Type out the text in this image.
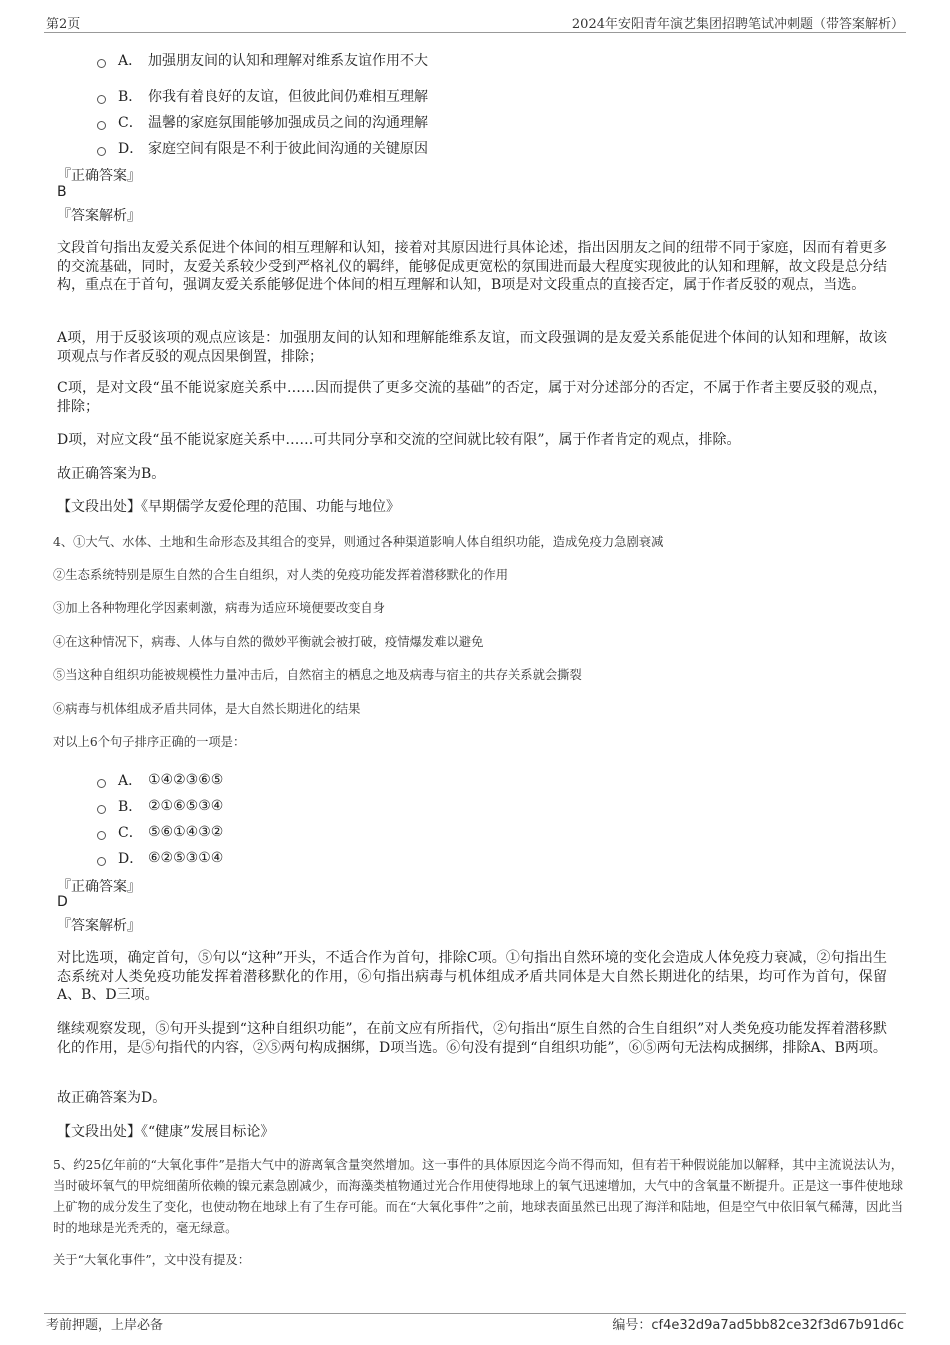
第2页	2024年安阳青年演艺集团招聘笔试冲刺题（带答案解析）
A． 加强朋友间的认知和理解对维系友谊作用不大
B． 你我有着良好的友谊，但彼此间仍难相互理解
C． 温馨的家庭氛围能够加强成员之间的沟通理解
D． 家庭空间有限是不利于彼此间沟通的关键原因
『正确答案』
B
『答案解析』

文段首句指出友爱关系促进个体间的相互理解和认知，接着对其原因进行具体论述，指出因朋友之间的纽带不同于家庭，因而有着更多的交流基础，同时，友爱关系较少受到严格礼仪的羁绊，能够促成更宽松的氛围进而最大程度实现彼此的认知和理解，故文段是总分结构，重点在于首句，强调友爱关系能够促进个体间的相互理解和认知，B项是对文段重点的直接否定，属于作者反驳的观点，当选。

A项，用于反驳该项的观点应该是：加强朋友间的认知和理解能维系友谊，而文段强调的是友爱关系能促进个体间的认知和理解，故该项观点与作者反驳的观点因果倒置，排除；

C项，是对文段“虽不能说家庭关系中……因而提供了更多交流的基础”的否定，属于对分述部分的否定，不属于作者主要反驳的观点，排除；

D项，对应文段“虽不能说家庭关系中……可共同分享和交流的空间就比较有限”，属于作者肯定的观点，排除。

故正确答案为B。

【文段出处】《早期儒学友爱伦理的范围、功能与地位》

4、①大气、水体、土地和生命形态及其组合的变异，则通过各种渠道影响人体自组织功能，造成免疫力急剧衰减

②生态系统特别是原生自然的合生自组织，对人类的免疫功能发挥着潜移默化的作用

③加上各种物理化学因素刺激，病毒为适应环境便要改变自身

④在这种情况下，病毒、人体与自然的微妙平衡就会被打破，疫情爆发难以避免

⑤当这种自组织功能被规模性力量冲击后，自然宿主的栖息之地及病毒与宿主的共存关系就会撕裂

⑥病毒与机体组成矛盾共同体，是大自然长期进化的结果

对以上6个句子排序正确的一项是：

A． ①④②③⑥⑤
B． ②①⑥⑤③④
C． ⑤⑥①④③②
D． ⑥②⑤③①④
『正确答案』
D
『答案解析』

对比选项，确定首句，⑤句以“这种”开头，不适合作为首句，排除C项。①句指出自然环境的变化会造成人体免疫力衰减，②句指出生态系统对人类免疫功能发挥着潜移默化的作用，⑥句指出病毒与机体组成矛盾共同体是大自然长期进化的结果，均可作为首句，保留A、B、D三项。

继续观察发现，⑤句开头提到“这种自组织功能”，在前文应有所指代，②句指出“原生自然的合生自组织”对人类免疫功能发挥着潜移默化的作用，是⑤句指代的内容，②⑤两句构成捆绑，D项当选。⑥句没有提到“自组织功能”，⑥⑤两句无法构成捆绑，排除A、B两项。

故正确答案为D。

【文段出处】《“健康”发展目标论》

5、约25亿年前的“大氧化事件”是指大气中的游离氧含量突然增加。这一事件的具体原因迄今尚不得而知，但有若干种假说能加以解释，其中主流说法认为，当时破坏氧气的甲烷细菌所依赖的镍元素急剧减少，而海藻类植物通过光合作用使得地球上的氧气迅速增加，大气中的含氧量不断提升。正是这一事件使地球上矿物的成分发生了变化，也使动物在地球上有了生存可能。而在“大氧化事件”之前，地球表面虽然已出现了海洋和陆地，但是空气中依旧氧气稀薄，因此当时的地球是光秃秃的，毫无绿意。

关于“大氧化事件”，文中没有提及：

考前押题，上岸必备	编号：cf4e32d9a7ad5bb82ce32f3d67b91d6c
